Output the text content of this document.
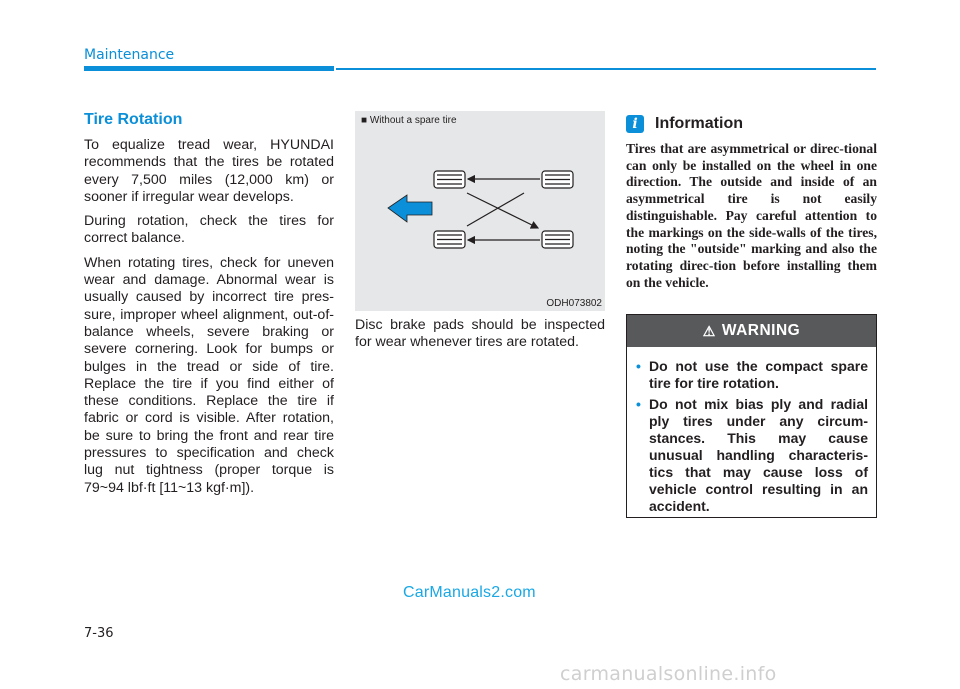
Maintenance
Tire Rotation

To equalize tread wear, HYUNDAI recommends that the tires be rotated every 7,500 miles (12,000 km) or sooner if irregular wear develops.

During rotation, check the tires for correct balance.

When rotating tires, check for uneven wear and damage. Abnormal wear is usually caused by incorrect tire pres-sure, improper wheel alignment, out-of-balance wheels, severe braking or severe cornering. Look for bumps or bulges in the tread or side of tire. Replace the tire if you find either of these conditions. Replace the tire if fabric or cord is visible. After rotation, be sure to bring the front and rear tire pressures to specification and check lug nut tightness (proper torque is 79~94 lbf·ft [11~13 kgf·m]).

■ Without a spare tire
ODH073802

Disc brake pads should be inspected for wear whenever tires are rotated.

i	Information

Tires that are asymmetrical or direc-tional can only be installed on the wheel in one direction. The outside and inside of an asymmetrical tire is not easily distinguishable. Pay careful attention to the markings on the side-walls of the tires, noting the "outside" marking and also the rotating direc-tion before installing them on the vehicle.

⚠ WARNING
• Do not use the compact spare tire for tire rotation.
• Do not mix bias ply and radial ply tires under any circum-stances. This may cause unusual handling characteris-tics that may cause loss of vehicle control resulting in an accident.
CarManuals2.com
7-36
carmanualsonline.info
